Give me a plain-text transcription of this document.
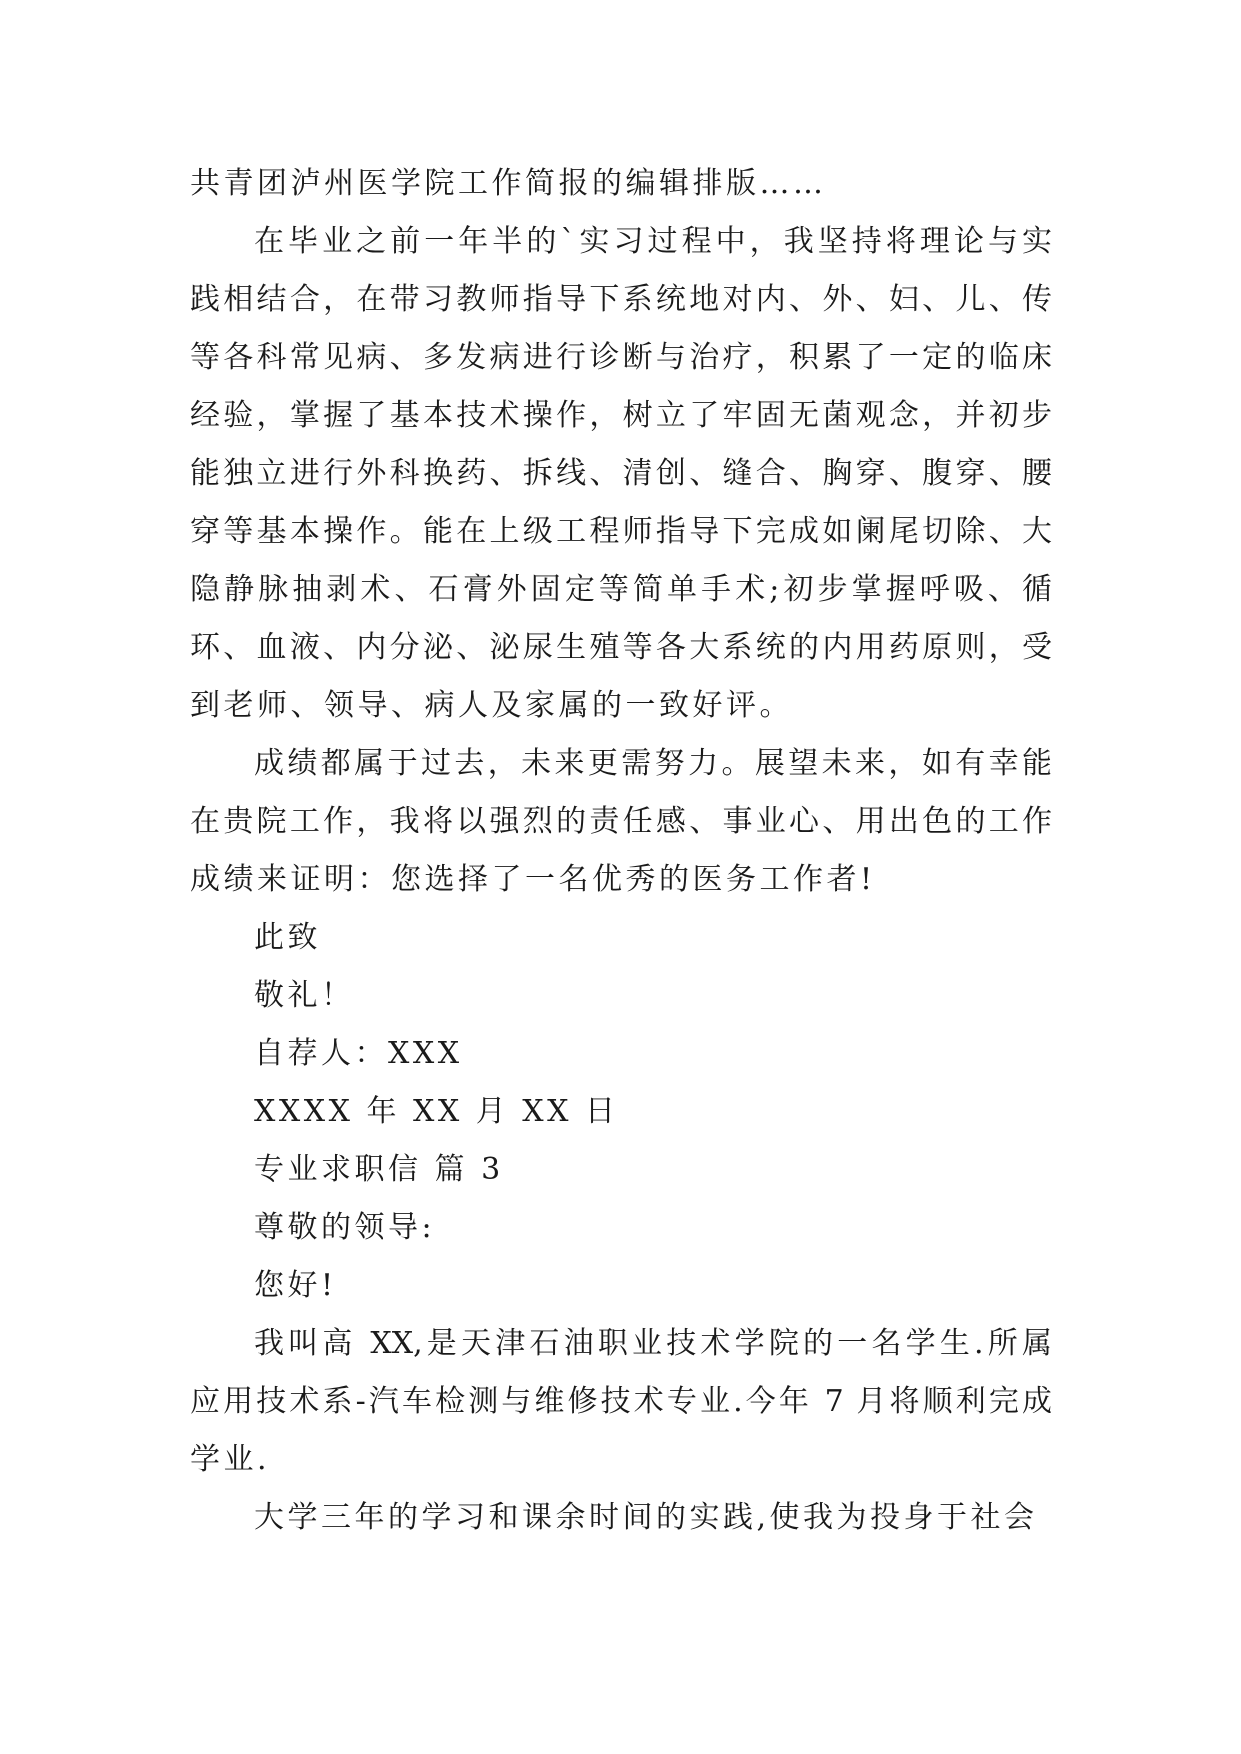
共青团泸州医学院工作简报的编辑排版……
在毕业之前一年半的`实习过程中，我坚持将理论与实
践相结合，在带习教师指导下系统地对内、外、妇、儿、传
等各科常见病、多发病进行诊断与治疗，积累了一定的临床
经验，掌握了基本技术操作，树立了牢固无菌观念，并初步
能独立进行外科换药、拆线、清创、缝合、胸穿、腹穿、腰
穿等基本操作。能在上级工程师指导下完成如阑尾切除、大
隐静脉抽剥术、石膏外固定等简单手术;初步掌握呼吸、循
环、血液、内分泌、泌尿生殖等各大系统的内用药原则，受
到老师、领导、病人及家属的一致好评。
成绩都属于过去，未来更需努力。展望未来，如有幸能
在贵院工作，我将以强烈的责任感、事业心、用出色的工作
成绩来证明：您选择了一名优秀的医务工作者!
此致
敬礼！
自荐人：XXX
XXXX 年 XX 月 XX 日
专业求职信 篇 3
尊敬的领导:
您好!
我叫高 XX,是天津石油职业技术学院的一名学生.所属
应用技术系-汽车检测与维修技术专业.今年 7 月将顺利完成
学业.
大学三年的学习和课余时间的实践,使我为投身于社会
